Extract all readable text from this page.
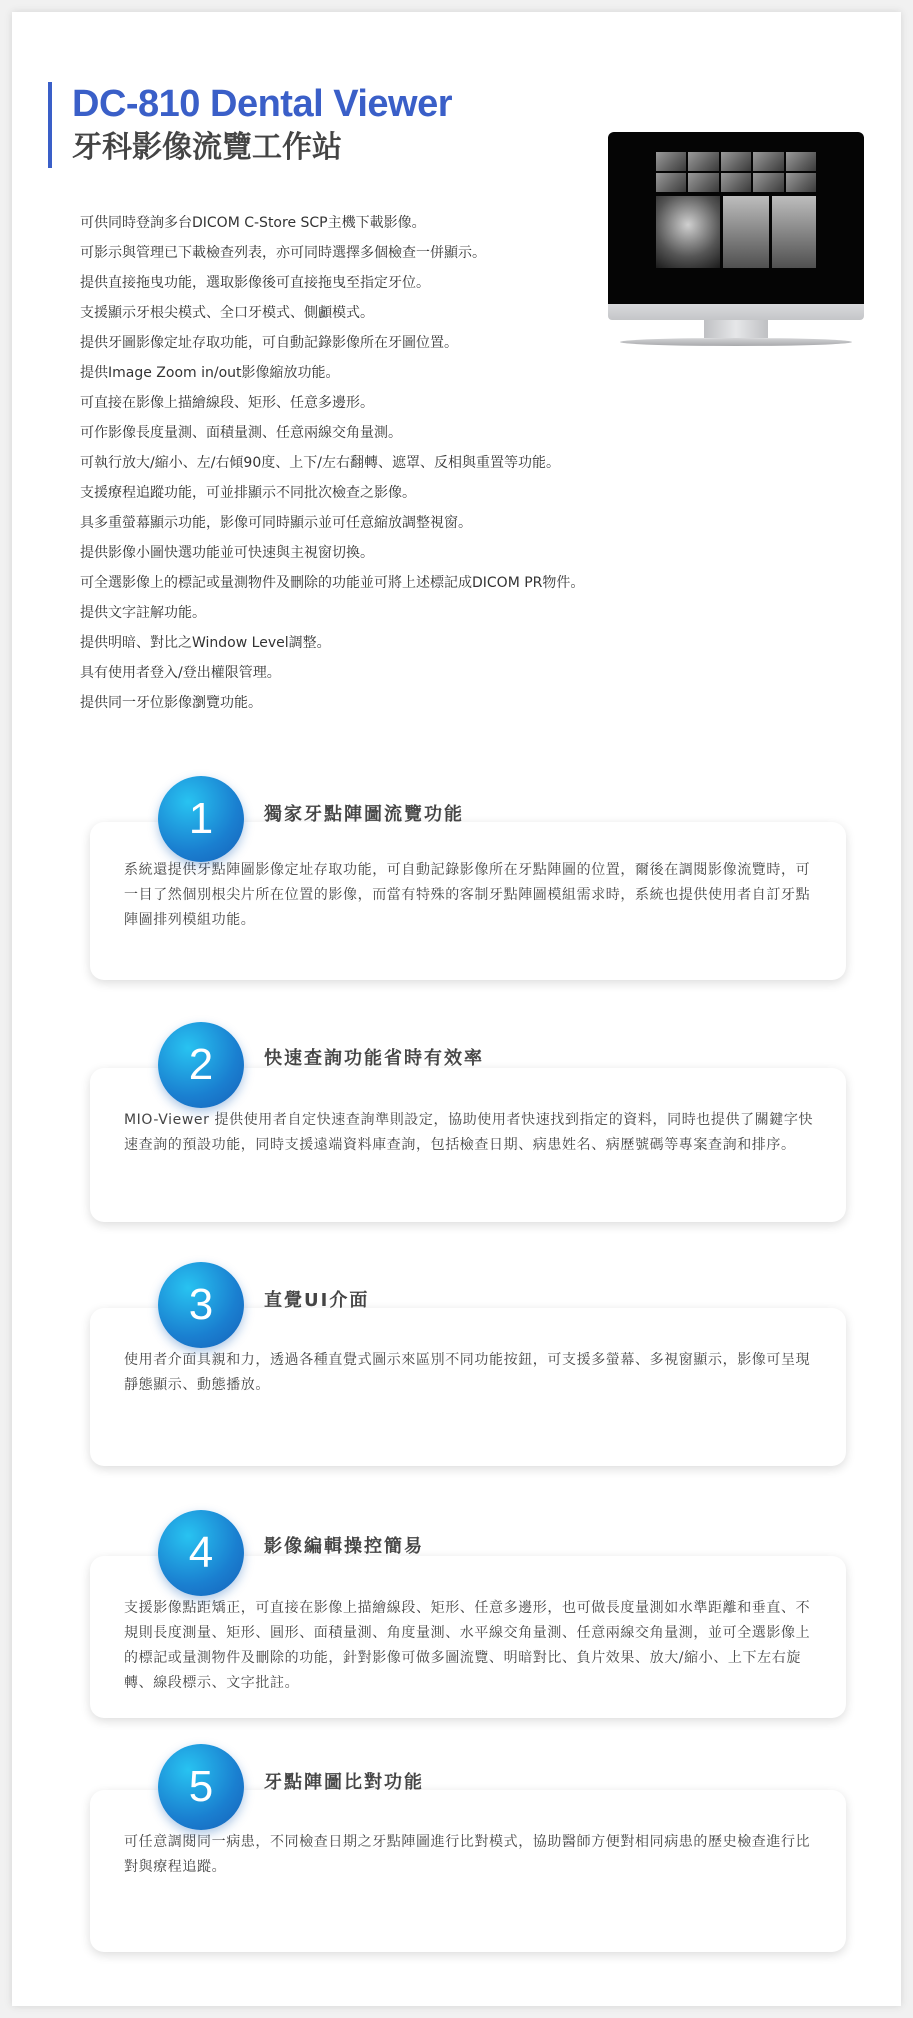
DC-810 Dental Viewer
牙科影像流覽工作站
可供同時登詢多台DICOM C-Store SCP主機下載影像。
可影示與管理已下載檢查列表，亦可同時選擇多個檢查一併顯示。
提供直接拖曳功能，選取影像後可直接拖曳至指定牙位。
支援顯示牙根尖模式、全口牙模式、側顱模式。
提供牙圖影像定址存取功能，可自動記錄影像所在牙圖位置。
提供Image Zoom in/out影像縮放功能。
可直接在影像上描繪線段、矩形、任意多邊形。
可作影像長度量測、面積量測、任意兩線交角量測。
可執行放大/縮小、左/右傾90度、上下/左右翻轉、遮罩、反相與重置等功能。
支援療程追蹤功能，可並排顯示不同批次檢查之影像。
具多重螢幕顯示功能，影像可同時顯示並可任意縮放調整視窗。
提供影像小圖快選功能並可快速與主視窗切換。
可全選影像上的標記或量測物件及刪除的功能並可將上述標記成DICOM PR物件。
提供文字註解功能。
提供明暗、對比之Window Level調整。
具有使用者登入/登出權限管理。
提供同一牙位影像瀏覽功能。

系統還提供牙點陣圖影像定址存取功能，可自動記錄影像所在牙點陣圖的位置，爾後在調閱影像流覽時，可一目了然個別根尖片所在位置的影像，而當有特殊的客制牙點陣圖模組需求時，系統也提供使用者自訂牙點陣圖排列模組功能。

1	獨家牙點陣圖流覽功能

MIO-Viewer 提供使用者自定快速查詢準則設定，協助使用者快速找到指定的資料，同時也提供了關鍵字快速查詢的預設功能，同時支援遠端資料庫查詢，包括檢查日期、病患姓名、病歷號碼等專案查詢和排序。

2	快速查詢功能省時有效率

使用者介面具親和力，透過各種直覺式圖示來區別不同功能按鈕，可支援多螢幕、多視窗顯示，影像可呈現靜態顯示、動態播放。

3	直覺UI介面

支援影像點距矯正，可直接在影像上描繪線段、矩形、任意多邊形，也可做長度量測如水準距離和垂直、不規則長度測量、矩形、圓形、面積量測、角度量測、水平線交角量測、任意兩線交角量測，並可全選影像上的標記或量測物件及刪除的功能，針對影像可做多圖流覽、明暗對比、負片效果、放大/縮小、上下左右旋轉、線段標示、文字批註。

4	影像編輯操控簡易

可任意調閱同一病患，不同檢查日期之牙點陣圖進行比對模式，協助醫師方便對相同病患的歷史檢查進行比對與療程追蹤。

5	牙點陣圖比對功能
